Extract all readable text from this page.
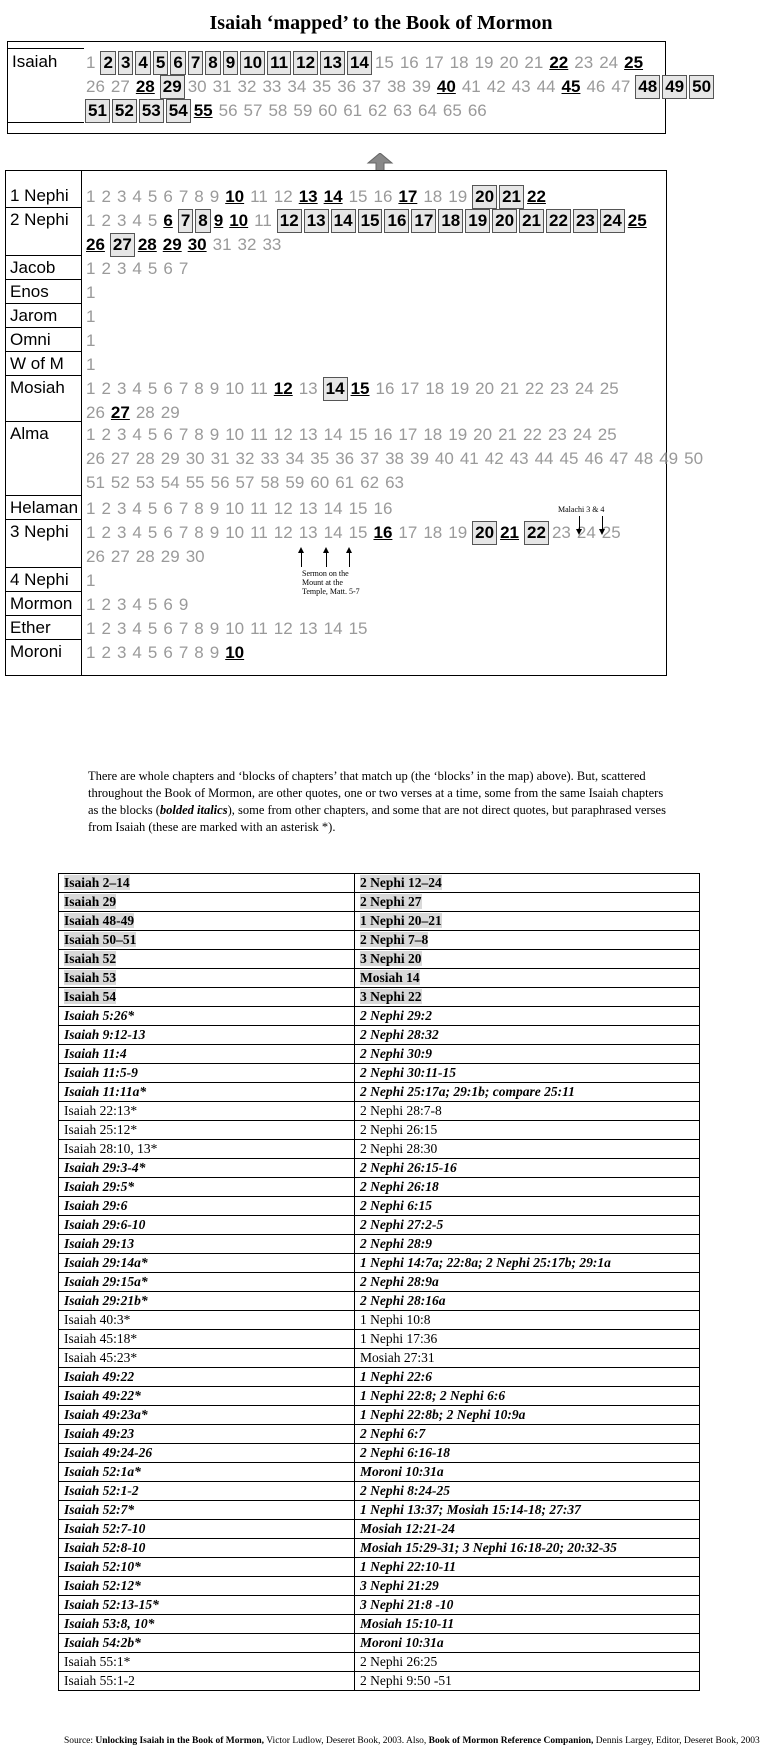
Isaiah ‘mapped’ to the Book of Mormon
Isaiah 1 2 3 4 5 6 7 8 9 10 11 12 13 14 15 16 17 18 19 20 21 22 23 24 25
26 27 28 29 30 31 32 33 34 35 36 37 38 39 40 41 42 43 44 45 46 47 48 49 50
51 52 53 54 55 56 57 58 59 60 61 62 63 64 65 66
1 Nephi 1 2 3 4 5 6 7 8 9 10 11 12 13 14 15 16 17 18 19 20 21 22
2 Nephi 1 2 3 4 5 6 7 8 9 10 11 12 13 14 15 16 17 18 19 20 21 22 23 24 25
26 27 28 29 30 31 32 33
Jacob 1 2 3 4 5 6 7
Enos 1
Jarom 1
Omni 1
W of M 1
Mosiah 1 2 3 4 5 6 7 8 9 10 11 12 13 14 15 16 17 18 19 20 21 22 23 24 25
26 27 28 29
Alma 1 2 3 4 5 6 7 8 9 10 11 12 13 14 15 16 17 18 19 20 21 22 23 24 25
26 27 28 29 30 31 32 33 34 35 36 37 38 39 40 41 42 43 44 45 46 47 48 49 50
51 52 53 54 55 56 57 58 59 60 61 62 63
Helaman 1 2 3 4 5 6 7 8 9 10 11 12 13 14 15 16
3 Nephi 1 2 3 4 5 6 7 8 9 10 11 12 13 14 15 16 17 18 19 20 21 22 23 24 25
26 27 28 29 30
4 Nephi 1
Mormon 1 2 3 4 5 6 9
Ether 1 2 3 4 5 6 7 8 9 10 11 12 13 14 15
Moroni 1 2 3 4 5 6 7 8 9 10
Malachi 3 & 4
Sermon on the Mount at the Temple, Matt. 5-7
There are whole chapters and ‘blocks of chapters’ that match up (the ‘blocks’ in the map) above). But, scattered throughout the Book of Mormon, are other quotes, one or two verses at a time, some from the same Isaiah chapters as the blocks (bolded italics), some from other chapters, and some that are not direct quotes, but paraphrased verses from Isaiah (these are marked with an asterisk *).
Isaiah 2–14	2 Nephi 12–24
Isaiah 29	2 Nephi 27
Isaiah 48-49	1 Nephi 20–21
Isaiah 50–51	2 Nephi 7–8
Isaiah 52	3 Nephi 20
Isaiah 53	Mosiah 14
Isaiah 54	3 Nephi 22
Isaiah 5:26*	2 Nephi 29:2
Isaiah 9:12-13	2 Nephi 28:32
Isaiah 11:4	2 Nephi 30:9
Isaiah 11:5-9	2 Nephi 30:11-15
Isaiah 11:11a*	2 Nephi 25:17a; 29:1b; compare 25:11
Isaiah 22:13*	2 Nephi 28:7-8
Isaiah 25:12*	2 Nephi 26:15
Isaiah 28:10, 13*	2 Nephi 28:30
Isaiah 29:3-4*	2 Nephi 26:15-16
Isaiah 29:5*	2 Nephi 26:18
Isaiah 29:6	2 Nephi 6:15
Isaiah 29:6-10	2 Nephi 27:2-5
Isaiah 29:13	2 Nephi 28:9
Isaiah 29:14a*	1 Nephi 14:7a; 22:8a; 2 Nephi 25:17b; 29:1a
Isaiah 29:15a*	2 Nephi 28:9a
Isaiah 29:21b*	2 Nephi 28:16a
Isaiah 40:3*	1 Nephi 10:8
Isaiah 45:18*	1 Nephi 17:36
Isaiah 45:23*	Mosiah 27:31
Isaiah 49:22	1 Nephi 22:6
Isaiah 49:22*	1 Nephi 22:8; 2 Nephi 6:6
Isaiah 49:23a*	1 Nephi 22:8b; 2 Nephi 10:9a
Isaiah 49:23	2 Nephi 6:7
Isaiah 49:24-26	2 Nephi 6:16-18
Isaiah 52:1a*	Moroni 10:31a
Isaiah 52:1-2	2 Nephi 8:24-25
Isaiah 52:7*	1 Nephi 13:37; Mosiah 15:14-18; 27:37
Isaiah 52:7-10	Mosiah 12:21-24
Isaiah 52:8-10	Mosiah 15:29-31; 3 Nephi 16:18-20; 20:32-35
Isaiah 52:10*	1 Nephi 22:10-11
Isaiah 52:12*	3 Nephi 21:29
Isaiah 52:13-15*	3 Nephi 21:8 -10
Isaiah 53:8, 10*	Mosiah 15:10-11
Isaiah 54:2b*	Moroni 10:31a
Isaiah 55:1*	2 Nephi 26:25
Isaiah 55:1-2	2 Nephi 9:50 -51
Source: Unlocking Isaiah in the Book of Mormon, Victor Ludlow, Deseret Book, 2003. Also, Book of Mormon Reference Companion, Dennis Largey, Editor, Deseret Book, 2003
